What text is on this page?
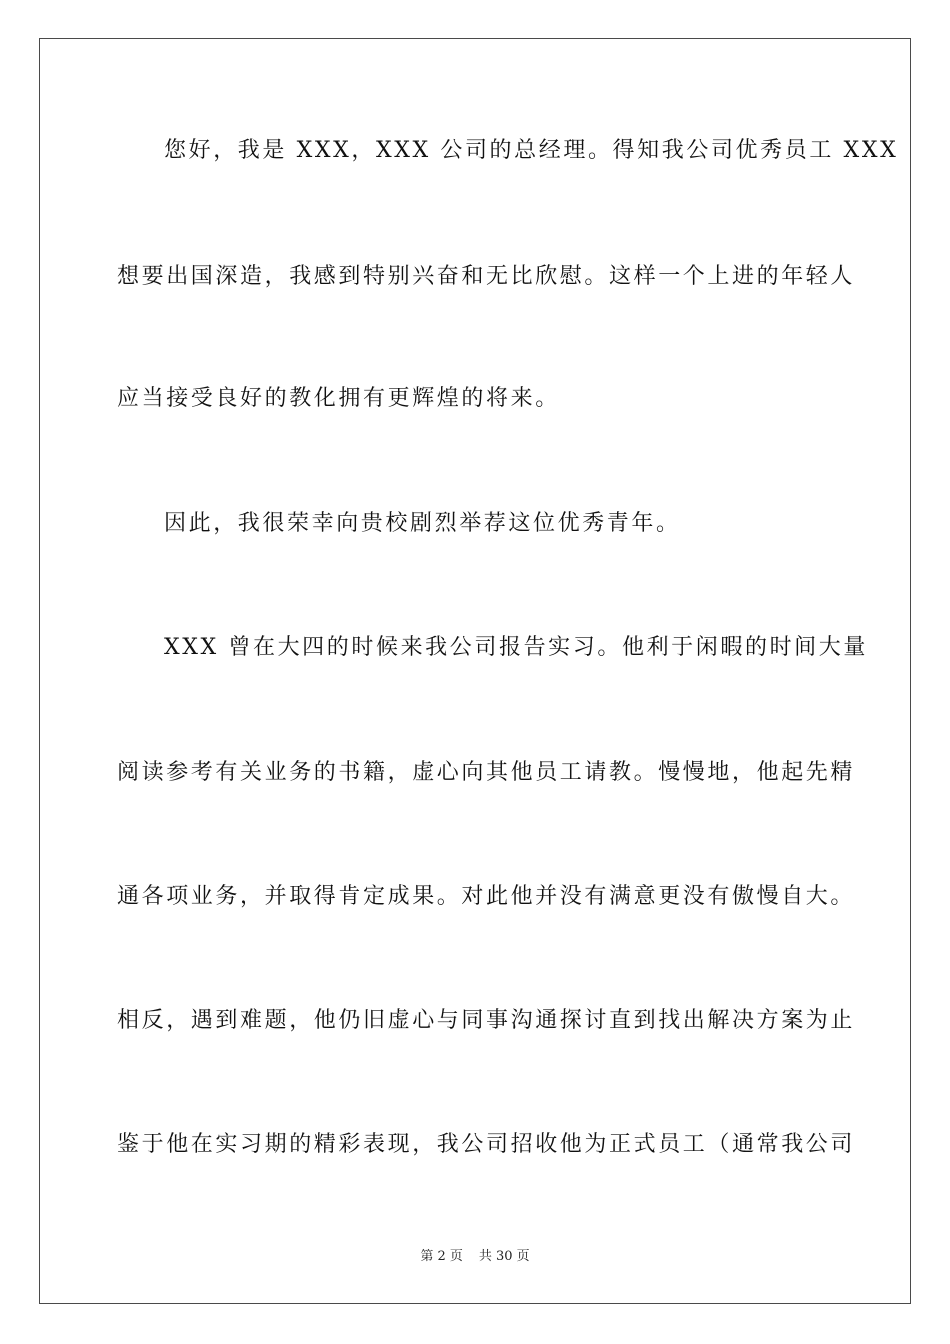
您好，我是 XXX，XXX 公司的总经理。得知我公司优秀员工 XXX
想要出国深造，我感到特别兴奋和无比欣慰。这样一个上进的年轻人
应当接受良好的教化拥有更辉煌的将来。
因此，我很荣幸向贵校剧烈举荐这位优秀青年。
XXX 曾在大四的时候来我公司报告实习。他利于闲暇的时间大量
阅读参考有关业务的书籍，虚心向其他员工请教。慢慢地，他起先精
通各项业务，并取得肯定成果。对此他并没有满意更没有傲慢自大。
相反，遇到难题，他仍旧虚心与同事沟通探讨直到找出解决方案为止
鉴于他在实习期的精彩表现，我公司招收他为正式员工（通常我公司
第 2 页 共 30 页
